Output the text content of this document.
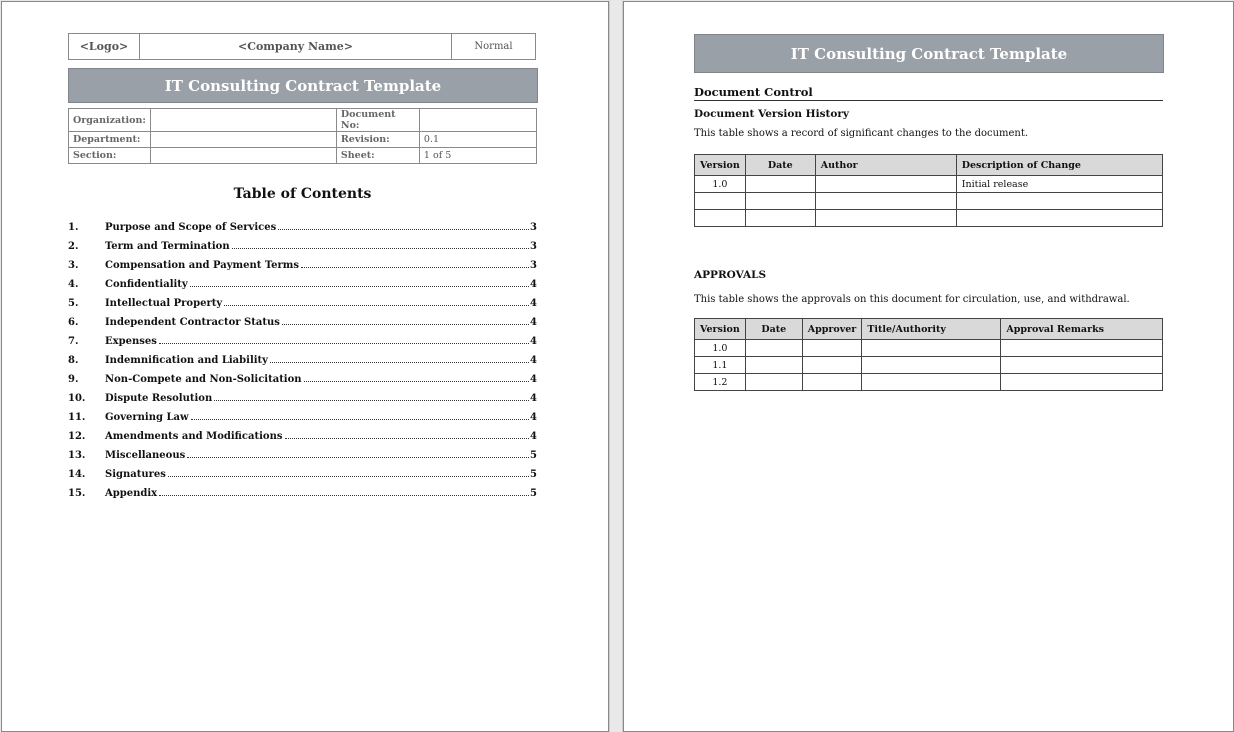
<Logo>	<Company Name>	Normal
IT Consulting Contract Template
Organization:		Document No:	
Department:		Revision:	0.1
Section:		Sheet:	1 of 5
Table of Contents
1.	Purpose and Scope of Services	3
2.	Term and Termination	3
3.	Compensation and Payment Terms	3
4.	Confidentiality	4
5.	Intellectual Property	4
6.	Independent Contractor Status	4
7.	Expenses	4
8.	Indemnification and Liability	4
9.	Non-Compete and Non-Solicitation	4
10.	Dispute Resolution	4
11.	Governing Law	4
12.	Amendments and Modifications	4
13.	Miscellaneous	5
14.	Signatures	5
15.	Appendix	5
IT Consulting Contract Template
Document Control
Document Version History
This table shows a record of significant changes to the document.
Version	Date	Author	Description of Change
1.0			Initial release

APPROVALS
This table shows the approvals on this document for circulation, use, and withdrawal.
Version	Date	Approver	Title/Authority	Approval Remarks
1.0				
1.1				
1.2				
